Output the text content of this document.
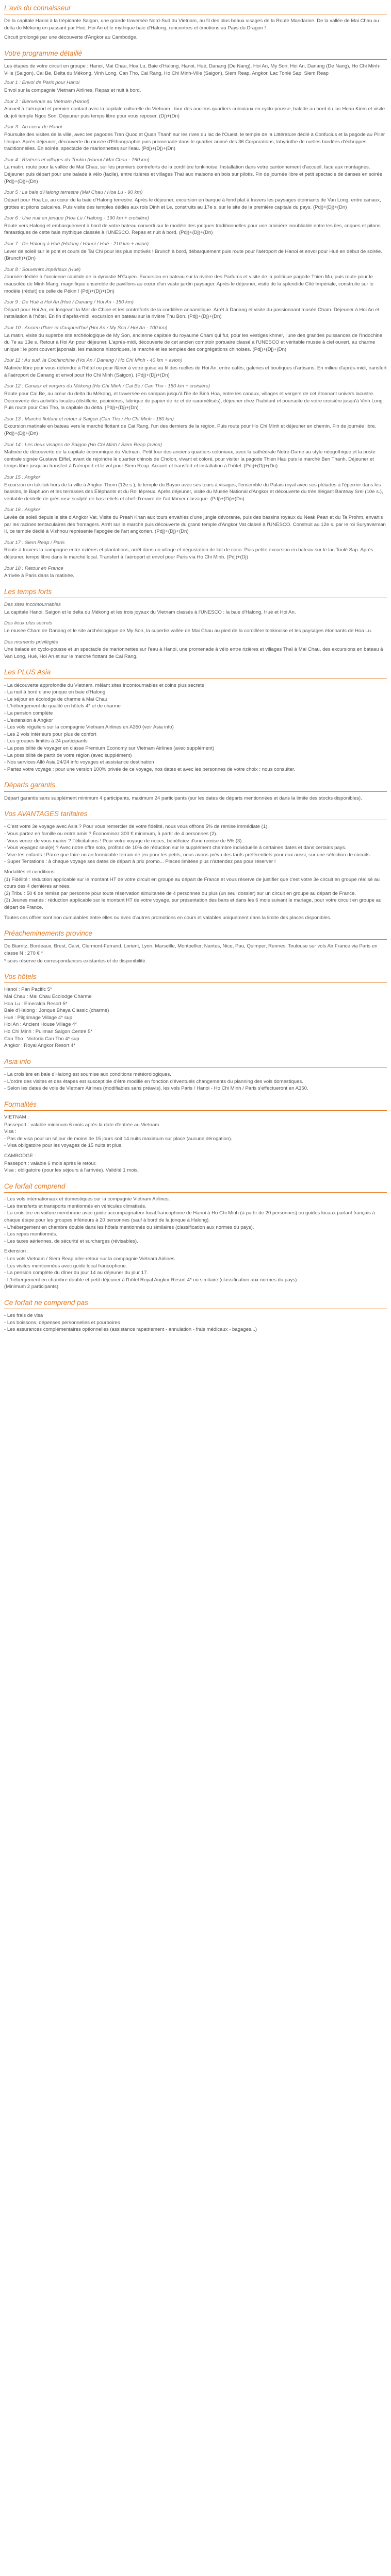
L'avis du connaisseur

De la capitale Hanoi à la trépidante Saigon, une grande traversée Nord-Sud du Vietnam, au fil des plus beaux visages de la Route Mandarine. De la vallée de Mai Chau au delta du Mékong en passant par Hué, Hoi An et le mythique baie d'Halong, rencontres et émotions au Pays du Dragon !

Circuit prolongé par une découverte d'Angkor au Cambodge.

Votre programme détaillé

Les étapes de votre circuit en groupe : Hanoi, Mai Chau, Hoa Lu, Baie d'Halong, Hanoi, Hué, Danang (De Nang), Hoi An, My Son, Hoi An, Danang (De Nang), Ho Chi Minh-Ville (Saigon), Cai Be, Delta du Mékong, Vinh Long, Can Tho, Cai Rang, Ho Chi Minh-Ville (Saigon), Siem Reap, Angkor, Lac Tonlé Sap, Siem Reap

Jour 1 : Envol de Paris pour Hanoi
Envol sur la compagnie Vietnam Airlines. Repas et nuit à bord.
Jour 2 : Bienvenue au Vietnam (Hanoi)
Accueil à l'aéroport et premier contact avec la capitale culturelle du Vietnam : tour des anciens quartiers coloniaux en cyclo-pousse, balade au bord du lac Hoan Kiem et visite du joli temple Ngoc Son. Déjeuner puis temps libre pour vous reposer. (Dj)+(Dn)
Jour 3 : Au cœur de Hanoi
Poursuite des visites de la ville, avec les pagodes Tran Quoc et Quan Thanh sur les rives du lac de l'Ouest, le temple de la Littérature dédié à Confucius et la pagode au Pilier Unique. Après déjeuner, découverte du musée d'Ethnographie puis promenade dans le quartier animé des 36 Corporations, labyrinthe de ruelles bordées d'échoppes traditionnelles. En soirée, spectacle de marionnettes sur l'eau. (Pdj)+(Dj)+(Dn)
Jour 4 : Rizières et villages du Tonkin (Hanoi / Mai Chau - 160 km)
La matin, route pour la vallée de Mai Chau, sur les premiers contreforts de la cordillère tonkinoise. Installation dans votre cantonnement d'accueil, face aux montagnes. Déjeuner puis départ pour une balade à vélo (facile), entre rizières et villages Thaï aux maisons en bois sur pilotis. Fin de journée libre et petit spectacle de danses en soirée. (Pdj)+(Dj)+(Dn)
Jour 5 : La baie d'Halong terrestre (Mai Chau / Hoa Lu - 90 km)
Départ pour Hoa Lu, au cœur de la baie d'Halong terrestre. Après le déjeuner, excursion en barque à fond plat à travers les paysages étonnants de Van Long, entre canaux, grottes et pitons calcaires. Puis visite des temples dédiés aux rois Dinh et Le, construits au 17e s. sur le site de la première capitale du pays. (Pdj)+(Dj)+(Dn)
Jour 6 : Une nuit en jonque (Hoa Lu / Halong - 190 km + croisière)
Route vers Halong et embarquement à bord de votre bateau converti sur le modèle des jonques traditionnelles pour une croisière inoubliable entre les îles, criques et pitons fantastiques de cette baie mythique classée à l'UNESCO. Repas et nuit à bord. (Pdj)+(Dj)+(Dn)
Jour 7 : De Halong à Hué (Halong / Hanoi / Hué - 210 km + avion)
Lever de soleil sur le pont et cours de Tai Chi pour les plus motivés ! Brunch à bord, débarquement puis route pour l'aéroport de Hanoi et envol pour Hué en début de soirée. (Brunch)+(Dn)
Jour 8 : Souvenirs impériaux (Hué)
Journée dédiée à l'ancienne capitale de la dynastie N'Guyen. Excursion en bateau sur la rivière des Parfums et visite de la politique pagode Thien Mu, puis route pour le mausolée de Minh Mang, magnifique ensemble de pavillons au cœur d'un vaste jardin paysager. Après le déjeuner, visite de la splendide Cité Impériale, construite sur le modèle (réduit) de celle de Pékin ! (Pdj)+(Dj)+(Dn)
Jour 9 : De Hué à Hoi An (Hué / Danang / Hoi An - 150 km)
Départ pour Hoi An, en longeant la Mer de Chine et les contreforts de la cordillère annamitique. Arrêt à Danang et visite du passionnant musée Cham. Déjeuner à Hoi An et installation à l'hôtel. En fin d'après-midi, excursion en bateau sur la rivière Thu Bon. (Pdj)+(Dj)+(Dn)
Jour 10 : Ancien d'hier et d'aujourd'hui (Hoi An / My Son / Hoi An - 100 km)
La matin, visite du superbe site archéologique de My Son, ancienne capitale du royaume Cham qui fut, pour les vestiges khmer, l'une des grandes puissances de l'Indochine du 7e au 13e s. Retour à Hoi An pour déjeuner. L'après-midi, découverte de cet ancien comptoir portuaire classé à l'UNESCO et véritable musée à ciel ouvert, au charme unique : le pont couvert japonais, les maisons historiques, le marché et les temples des congrégations chinoises. (Pdj)+(Dj)+(Dn)
Jour 11 : Au sud, la Cochinchine (Hoi An / Danang / Ho Chi Minh - 40 km + avion)
Matinée libre pour vous détendre à l'hôtel ou pour flâner à votre guise au fil des ruelles de Hoi An, entre cafés, galeries et boutiques d'artisans. En milieu d'après-midi, transfert à l'aéroport de Danang et envol pour Ho Chi Minh (Saigon). (Pdj)+(Dj)+(Dn)
Jour 12 : Canaux et vergers du Mékong (Ho Chi Minh / Cai Be / Can Tho - 150 km + croisière)
Route pour Cai Be, au cœur du delta du Mékong, et traversée en sampan jusqu'à l'île de Binh Hoa, entre les canaux, villages et vergers de cet étonnant univers lacustre. Découverte des activités locales (distillerie, pépinières, fabrique de papier de riz et de caramélisés), déjeuner chez l'habitant et poursuite de votre croisière jusqu'à Vinh Long. Puis route pour Can Tho, la capitale du delta. (Pdj)+(Dj)+(Dn)
Jour 13 : Marché flottant et retour à Saigon (Can Tho / Ho Chi Minh - 180 km)
Excursion matinale en bateau vers le marché flottant de Cai Rang, l'un des derniers de la région. Puis route pour Ho Chi Minh et déjeuner en chemin. Fin de journée libre. (Pdj)+(Dj)+(Dn)
Jour 14 : Les deux visages de Saigon (Ho Chi Minh / Siem Reap (avion)
Matinée de découverte de la capitale économique du Vietnam. Petit tour des anciens quartiers coloniaux, avec la cathédrale Notre-Dame au style néogothique et la poste centrale signée Gustave Eiffel, avant de rejoindre le quartier chinois de Cholon, vivant et coloré, pour visiter la pagode Thien Hau puis le marché Ben Thanh. Déjeuner et temps libre jusqu'au transfert à l'aéroport et le vol pour Siem Reap. Accueil et transfert et installation à l'hôtel. (Pdj)+(Dj)+(Dn)
Jour 15 : Angkor
Excursion en tuk-tuk hors de la ville à Angkor Thom (12e s.), le temple du Bayon avec ses tours à visages, l'ensemble du Palais royal avec ses pléiades à l'éperrier dans les bassins, le Baphuon et les terrasses des Éléphants et du Roi lépreux. Après déjeuner, visite du Musée National d'Angkor et découverte du très élégant Banteay Srei (10e s.), véritable dentelle de grès rose sculpté de bas-reliefs et chef-d'œuvre de l'art khmer classique. (Pdj)+(Dj)+(Dn)
Jour 16 : Angkor
Levée de soleil depuis le site d'Angkor Vat. Visite du Preah Khan aux tours envahies d'une jungle dévorante, puis des bassins royaux du Neak Pean et du Ta Prohm, envahis par les racines tentaculaires des fromagers. Arrêt sur le marché puis découverte du grand temple d'Angkor Vat classé à l'UNESCO. Construit au 12e s. par le roi Suryavarman II, ce temple dédié à Vishnou représente l'apogée de l'art angkorien. (Pdj)+(Dj)+(Dn)
Jour 17 : Siem Reap / Paris
Route à travers la campagne entre rizières et plantations, arrêt dans un village et dégustation de lait de coco. Puis petite excursion en bateau sur le lac Tonlé Sap. Après déjeuner, temps libre dans le marché local. Transfert à l'aéroport et envol pour Paris via Ho Chi Minh. (Pdj)+(Dj)
Jour 18 : Retour en France
Arrivée à Paris dans la matinée.
Les temps forts
Des sites incontournables
La capitale Hanoi, Saigon et le delta du Mékong et les trois joyaux du Vietnam classés à l'UNESCO : la baie d'Halong, Hué et Hoi An.
Des lieux plus secrets
Le musée Cham de Danang et le site archéologique de My Son, la superbe vallée de Mai Chau au pied de la cordillère tonkinoise et les paysages étonnants de Hoa Lu.
Des moments privilégiés
Une balade en cyclo-pousse et un spectacle de marionnettes sur l'eau à Hanoi, une promenade à vélo entre rizières et villages Thaï à Mai Chau, des excursions en bateau à Van Long, Hué, Hoi An et sur le marché flottant de Cai Rang.
Les PLUS Asia
- La découverte approfondie du Vietnam, mêlant sites incontournables et coins plus secrets
- La nuit à bord d'une jonque en baie d'Halong
- Le séjour en écolodge de charme à Mai Chau
- L'hébergement de qualité en hôtels 4* et de charme
- La pension complète
- L'extension à Angkor
- Les vols réguliers sur la compagnie Vietnam Airlines en A350 (voir Asia info)
- Les 2 vols intérieurs pour plus de confort
- Les groupes limités à 24 participants
- La possibilité de voyager en classe Premium Economy sur Vietnam Airlines (avec supplément)
- La possibilité de partir de votre région (avec supplément)
- Nos services Allô Asia 24/24 info voyages et assistance destination
- Partez votre voyage : pour une version 100% privée de ce voyage, nos dates et avec les personnes de votre choix : nous consulter.
Départs garantis

Départ garantis sans supplément minimum 4 participants, maximum 24 participants (sur les dates de départs mentionnées et dans la limite des stocks disponibles).

Vos AVANTAGES tarifaires
- C'est votre 3e voyage avec Asia ? Pour vous remercier de votre fidélité, nous vous offrons 5% de remise immédiate (1).
- Vous partez en famille ou entre amis ? Économisez 300 € minimum, à partir de 4 personnes (2).
- Vous venez de vous marier ? Félicitations ! Pour votre voyage de noces, bénéficiez d'une remise de 5% (3).
- Vous voyagez seul(e) ? Avec notre offre solo, profitez de 10% de réduction sur le supplément chambre individuelle à certaines dates et dans certains pays.
- Vive les enfants ! Parce que faire un an formidable terrain de jeu pour les petits, nous avons prévu des tarifs préférentiels pour eux aussi, sur une sélection de circuits.
- Super Tentations : à chaque voyage ses dates de départ à prix promo... Places limitées plus n'attendez pas pour réserver !

Modalités et conditions

(1) Fidélité : réduction applicable sur le montant HT de votre circuit en groupe au départ de France et vous réserve de justifier que c'est votre 3e circuit en groupe réalisé au cours des 4 dernières années.
(2) Tribu : 50 € de remise par personne pour toute réservation simultanée de 4 personnes ou plus (un seul dossier) sur un circuit en groupe au départ de France.
(3) Jeunes mariés : réduction applicable sur le montant HT de votre voyage, sur présentation des bans et dans les 6 mois suivant le mariage, pour votre circuit en groupe au départ de France.

Toutes ces offres sont non cumulables entre elles ou avec d'autres promotions en cours et valables uniquement dans la limite des places disponibles.

Préacheminements province

De Biarritz, Bordeaux, Brest, Calvi, Clermont-Ferrand, Lorient, Lyon, Marseille, Montpellier, Nantes, Nice, Pau, Quimper, Rennes, Toulouse sur vols Air France via Paris en classe N : 270 € *

* sous réserve de correspondances existantes et de disponibilité.

Vos hôtels
Hanoi : Pan Pacific 5*
Mai Chau : Mai Chau Ecolodge Charme
Hoa Lu : Emeralda Resort 5*
Baie d'Halong : Jonque Bhaya Classic (charme)
Hué : Pilgrimage Village 4* sup
Hoi An : Ancient House Village 4*
Ho Chi Minh : Pullman Saigon Centre 5*
Can Tho : Victoria Can Tho 4* sup
Angkor : Royal Angkor Resort 4*
Asia info
- La croisière en baie d'Halong est soumise aux conditions météorologiques.
- L'ordre des visites et des étapes est susceptible d'être modifié en fonction d'éventuels changements du planning des vols domestiques.
- Selon les dates de vols de Vietnam Airlines (modifiables sans préavis), les vols Paris / Hanoi - Ho Chi Minh / Paris s'effectueront en A350.
Formalités

VIETNAM :

Passeport : valable minimum 6 mois après la date d'entrée au Vietnam.
Visa :
- Pas de visa pour un séjour de moins de 15 jours soit 14 nuits maximum sur place (aucune dérogation).
- Visa obligatoire pour les voyages de 15 nuits et plus.

CAMBODGE :

Passeport : valable 6 mois après le retour.
Visa : obligatoire (pour les séjours à l'arrivée). Validité 1 mois.
Ce forfait comprend
- Les vols internationaux et domestiques sur la compagnie Vietnam Airlines.
- Les transferts et transports mentionnés en véhicules climatisés.
- La croisière en voiture membrane avec guide accompagnateur local francophone de Hanoi à Ho Chi Minh (à partir de 20 personnes) ou guides locaux parlant français à chaque étape pour les groupes inférieurs à 20 personnes (sauf à bord de la jonque à Halong).
- L'hébergement en chambre double dans les hôtels mentionnés ou similaires (classification aux normes du pays).
- Les repas mentionnés.
- Les taxes aériennes, de sécurité et surcharges (révisables).

Extension :

- Les vols Vietnam / Siem Reap aller-retour sur la compagnie Vietnam Airlines.
- Les visites mentionnées avec guide local francophone.
- La pension complète du dîner du jour 14 au déjeuner du jour 17.
- L'hébergement en chambre double et petit déjeuner à l'hôtel Royal Angkor Resort 4* ou similaire (classification aux normes du pays).
(Minimum 2 participants)
Ce forfait ne comprend pas
- Les frais de visa
- Les boissons, dépenses personnelles et pourboires
- Les assurances complémentaires optionnelles (assistance rapatriement - annulation - frais médicaux - bagages...)
